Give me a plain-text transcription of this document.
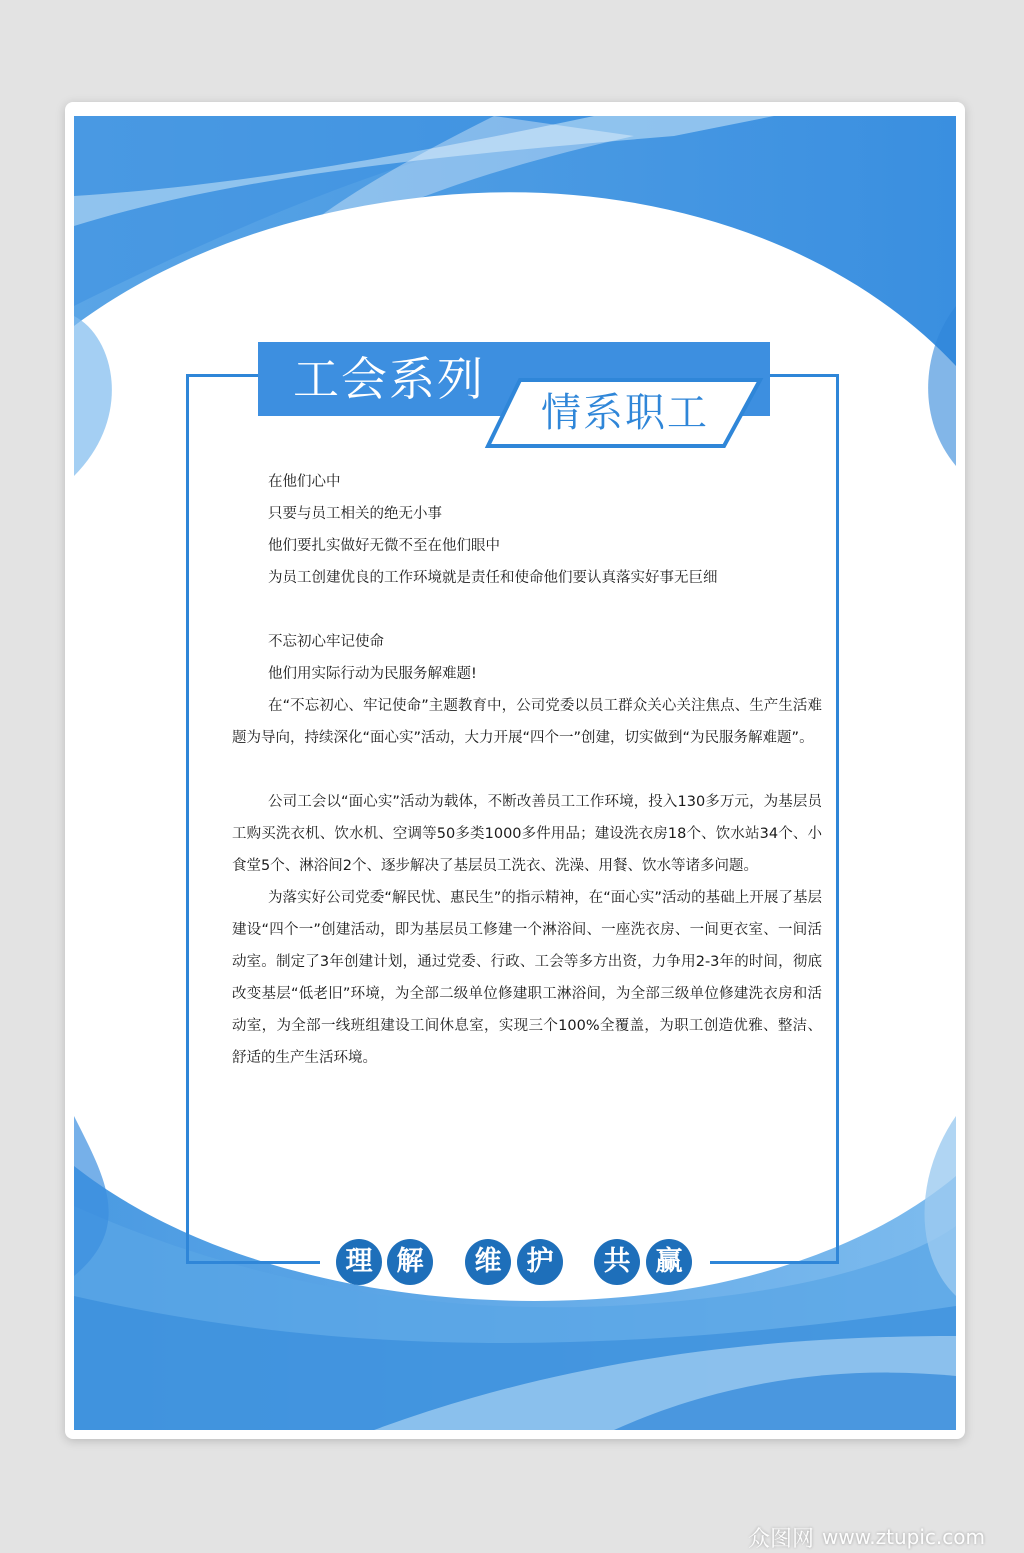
工会系列
情系职工
在他们心中
只要与员工相关的绝无小事
他们要扎实做好无微不至在他们眼中
为员工创建优良的工作环境就是责任和使命他们要认真落实好事无巨细
不忘初心牢记使命
他们用实际行动为民服务解难题!
在“不忘初心、牢记使命”主题教育中，公司党委以员工群众关心关注焦点、生产生活难题为导向，持续深化“面心实”活动，大力开展“四个一”创建，切实做到“为民服务解难题”。
公司工会以“面心实”活动为载体，不断改善员工工作环境，投入130多万元，为基层员工购买洗衣机、饮水机、空调等50多类1000多件用品；建设洗衣房18个、饮水站34个、小食堂5个、淋浴间2个、逐步解决了基层员工洗衣、洗澡、用餐、饮水等诸多问题。
为落实好公司党委“解民忧、惠民生”的指示精神，在“面心实”活动的基础上开展了基层建设“四个一”创建活动，即为基层员工修建一个淋浴间、一座洗衣房、一间更衣室、一间活动室。制定了3年创建计划，通过党委、行政、工会等多方出资，力争用2-3年的时间，彻底改变基层“低老旧”环境，为全部二级单位修建职工淋浴间，为全部三级单位修建洗衣房和活动室，为全部一线班组建设工间休息室，实现三个100%全覆盖，为职工创造优雅、整洁、舒适的生产生活环境。
理 解	维 护	共 赢
众图网 www.ztupic.com
